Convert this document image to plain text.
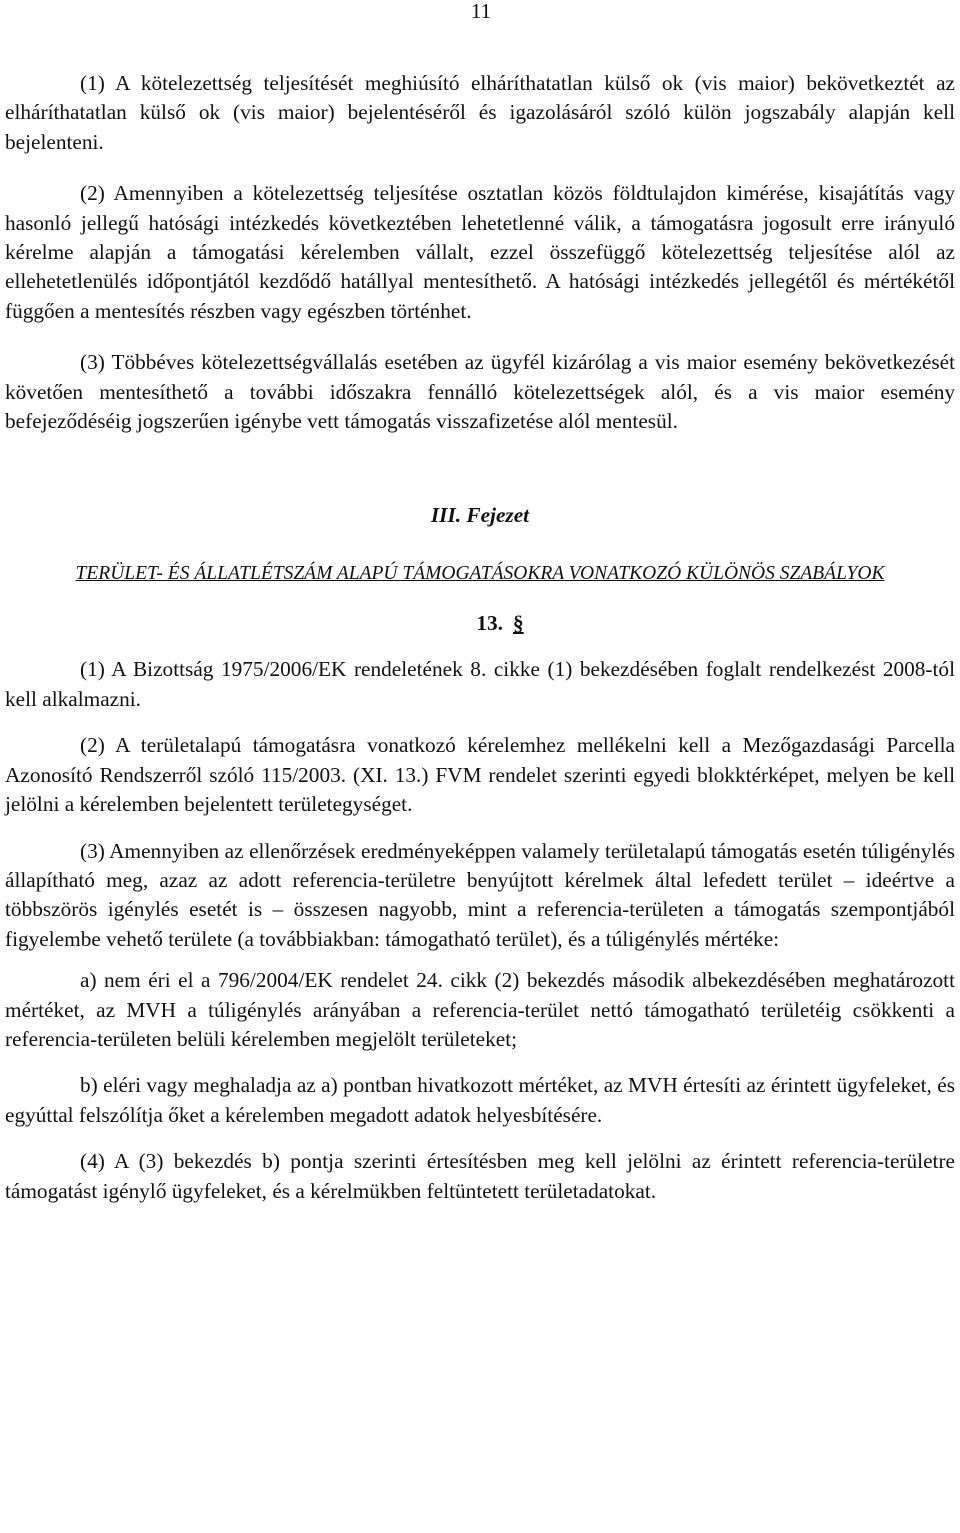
11

(1) A kötelezettség teljesítését meghiúsító elháríthatatlan külső ok (vis maior) bekövetkeztét az elháríthatatlan külső ok (vis maior) bejelentéséről és igazolásáról szóló külön jogszabály alapján kell bejelenteni.

(2) Amennyiben a kötelezettség teljesítése osztatlan közös földtulajdon kimérése, kisajátítás vagy hasonló jellegű hatósági intézkedés következtében lehetetlenné válik, a támogatásra jogosult erre irányuló kérelme alapján a támogatási kérelemben vállalt, ezzel összefüggő kötelezettség teljesítése alól az ellehetetlenülés időpontjától kezdődő hatállyal mentesíthető. A hatósági intézkedés jellegétől és mértékétől függően a mentesítés részben vagy egészben történhet.

(3) Többéves kötelezettségvállalás esetében az ügyfél kizárólag a vis maior esemény bekövetkezését követően mentesíthető a további időszakra fennálló kötelezettségek alól, és a vis maior esemény befejeződéséig jogszerűen igénybe vett támogatás visszafizetése alól mentesül.

III. Fejezet
TERÜLET- ÉS ÁLLATLÉTSZÁM ALAPÚ TÁMOGATÁSOKRA VONATKOZÓ KÜLÖNÖS SZABÁLYOK
13. §

(1) A Bizottság 1975/2006/EK rendeletének 8. cikke (1) bekezdésében foglalt rendelkezést 2008-tól kell alkalmazni.

(2) A területalapú támogatásra vonatkozó kérelemhez mellékelni kell a Mezőgazdasági Parcella Azonosító Rendszerről szóló 115/2003. (XI. 13.) FVM rendelet szerinti egyedi blokktérképet, melyen be kell jelölni a kérelemben bejelentett területegységet.

(3) Amennyiben az ellenőrzések eredményeképpen valamely területalapú támogatás esetén túligénylés állapítható meg, azaz az adott referencia-területre benyújtott kérelmek által lefedett terület – ideértve a többszörös igénylés esetét is – összesen nagyobb, mint a referencia-területen a támogatás szempontjából figyelembe vehető területe (a továbbiakban: támogatható terület), és a túligénylés mértéke:

a) nem éri el a 796/2004/EK rendelet 24. cikk (2) bekezdés második albekezdésében meghatározott mértéket, az MVH a túligénylés arányában a referencia-terület nettó támogatható területéig csökkenti a referencia-területen belüli kérelemben megjelölt területeket;

b) eléri vagy meghaladja az a) pontban hivatkozott mértéket, az MVH értesíti az érintett ügyfeleket, és egyúttal felszólítja őket a kérelemben megadott adatok helyesbítésére.

(4) A (3) bekezdés b) pontja szerinti értesítésben meg kell jelölni az érintett referencia-területre támogatást igénylő ügyfeleket, és a kérelmükben feltüntetett területadatokat.
